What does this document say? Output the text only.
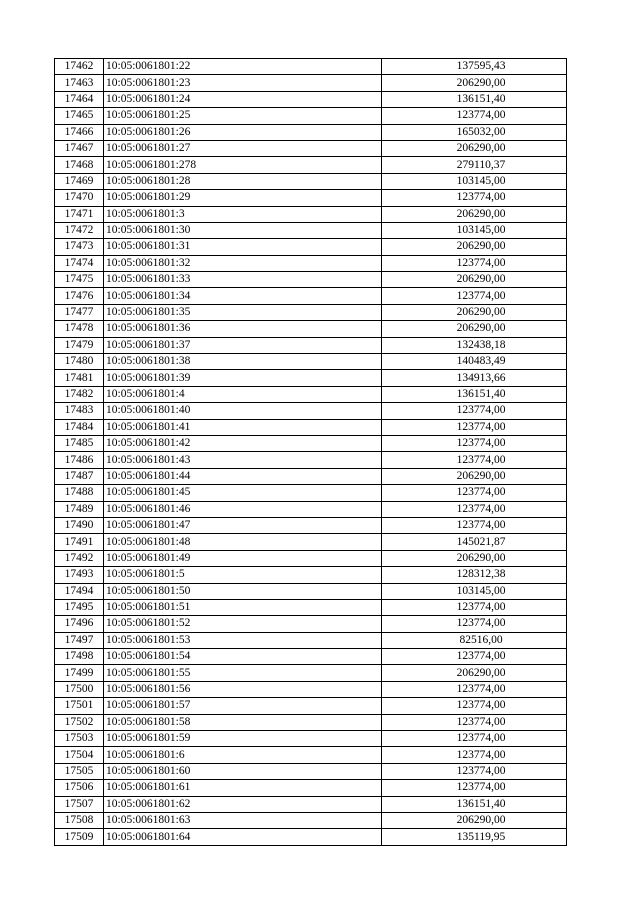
17462	10:05:0061801:22	137595,43
17463	10:05:0061801:23	206290,00
17464	10:05:0061801:24	136151,40
17465	10:05:0061801:25	123774,00
17466	10:05:0061801:26	165032,00
17467	10:05:0061801:27	206290,00
17468	10:05:0061801:278	279110,37
17469	10:05:0061801:28	103145,00
17470	10:05:0061801:29	123774,00
17471	10:05:0061801:3	206290,00
17472	10:05:0061801:30	103145,00
17473	10:05:0061801:31	206290,00
17474	10:05:0061801:32	123774,00
17475	10:05:0061801:33	206290,00
17476	10:05:0061801:34	123774,00
17477	10:05:0061801:35	206290,00
17478	10:05:0061801:36	206290,00
17479	10:05:0061801:37	132438,18
17480	10:05:0061801:38	140483,49
17481	10:05:0061801:39	134913,66
17482	10:05:0061801:4	136151,40
17483	10:05:0061801:40	123774,00
17484	10:05:0061801:41	123774,00
17485	10:05:0061801:42	123774,00
17486	10:05:0061801:43	123774,00
17487	10:05:0061801:44	206290,00
17488	10:05:0061801:45	123774,00
17489	10:05:0061801:46	123774,00
17490	10:05:0061801:47	123774,00
17491	10:05:0061801:48	145021,87
17492	10:05:0061801:49	206290,00
17493	10:05:0061801:5	128312,38
17494	10:05:0061801:50	103145,00
17495	10:05:0061801:51	123774,00
17496	10:05:0061801:52	123774,00
17497	10:05:0061801:53	82516,00
17498	10:05:0061801:54	123774,00
17499	10:05:0061801:55	206290,00
17500	10:05:0061801:56	123774,00
17501	10:05:0061801:57	123774,00
17502	10:05:0061801:58	123774,00
17503	10:05:0061801:59	123774,00
17504	10:05:0061801:6	123774,00
17505	10:05:0061801:60	123774,00
17506	10:05:0061801:61	123774,00
17507	10:05:0061801:62	136151,40
17508	10:05:0061801:63	206290,00
17509	10:05:0061801:64	135119,95
